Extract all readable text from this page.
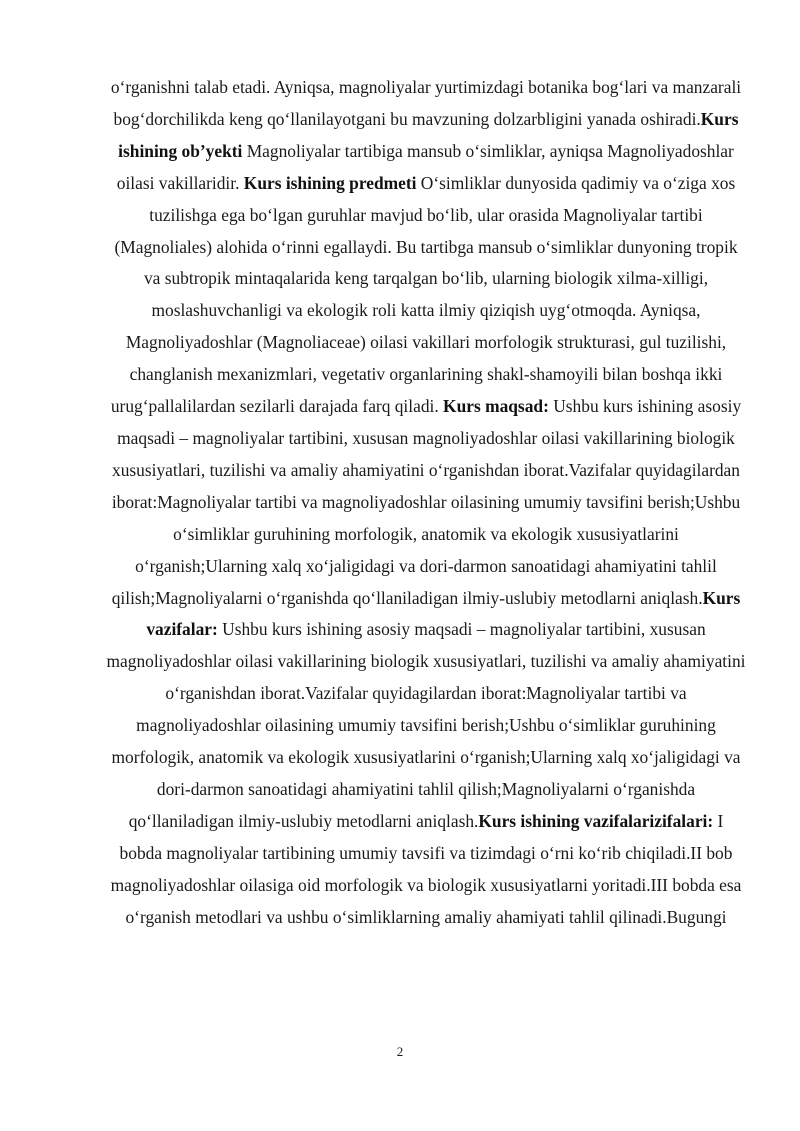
o‘rganishni talab etadi. Ayniqsa, magnoliyalar yurtimizdagi botanika bog‘lari va manzarali bog‘dorchilikda keng qo‘llanilayotgani bu mavzuning dolzarbligini yanada oshiradi.Kurs ishining ob’yekti Magnoliyalar tartibiga mansub o‘simliklar, ayniqsa Magnoliyadoshlar oilasi vakillaridir. Kurs ishining predmeti O‘simliklar dunyosida qadimiy va o‘ziga xos tuzilishga ega bo‘lgan guruhlar mavjud bo‘lib, ular orasida Magnoliyalar tartibi (Magnoliales) alohida o‘rinni egallaydi. Bu tartibga mansub o‘simliklar dunyoning tropik va subtropik mintaqalarida keng tarqalgan bo‘lib, ularning biologik xilma-xilligi, moslashuvchanligi va ekologik roli katta ilmiy qiziqish uyg‘otmoqda. Ayniqsa, Magnoliyadoshlar (Magnoliaceae) oilasi vakillari morfologik strukturasi, gul tuzilishi, changlanish mexanizmlari, vegetativ organlarining shakl-shamoyili bilan boshqa ikki urug‘pallalilardan sezilarli darajada farq qiladi. Kurs maqsad: Ushbu kurs ishining asosiy maqsadi – magnoliyalar tartibini, xususan magnoliyadoshlar oilasi vakillarining biologik xususiyatlari, tuzilishi va amaliy ahamiyatini o‘rganishdan iborat.Vazifalar quyidagilardan iborat:Magnoliyalar tartibi va magnoliyadoshlar oilasining umumiy tavsifini berish;Ushbu o‘simliklar guruhining morfologik, anatomik va ekologik xususiyatlarini o‘rganish;Ularning xalq xo‘jaligidagi va dori-darmon sanoatidagi ahamiyatini tahlil qilish;Magnoliyalarni o‘rganishda qo‘llaniladigan ilmiy-uslubiy metodlarni aniqlash.Kurs vazifalar: Ushbu kurs ishining asosiy maqsadi – magnoliyalar tartibini, xususan magnoliyadoshlar oilasi vakillarining biologik xususiyatlari, tuzilishi va amaliy ahamiyatini o‘rganishdan iborat.Vazifalar quyidagilardan iborat:Magnoliyalar tartibi va magnoliyadoshlar oilasining umumiy tavsifini berish;Ushbu o‘simliklar guruhining morfologik, anatomik va ekologik xususiyatlarini o‘rganish;Ularning xalq xo‘jaligidagi va dori-darmon sanoatidagi ahamiyatini tahlil qilish;Magnoliyalarni o‘rganishda qo‘llaniladigan ilmiy-uslubiy metodlarni aniqlash.Kurs ishining vazifalarizifalari: I bobda magnoliyalar tartibining umumiy tavsifi va tizimdagi o‘rni ko‘rib chiqiladi.II bob magnoliyadoshlar oilasiga oid morfologik va biologik xususiyatlarni yoritadi.III bobda esa o‘rganish metodlari va ushbu o‘simliklarning amaliy ahamiyati tahlil qilinadi.Bugungi

2
